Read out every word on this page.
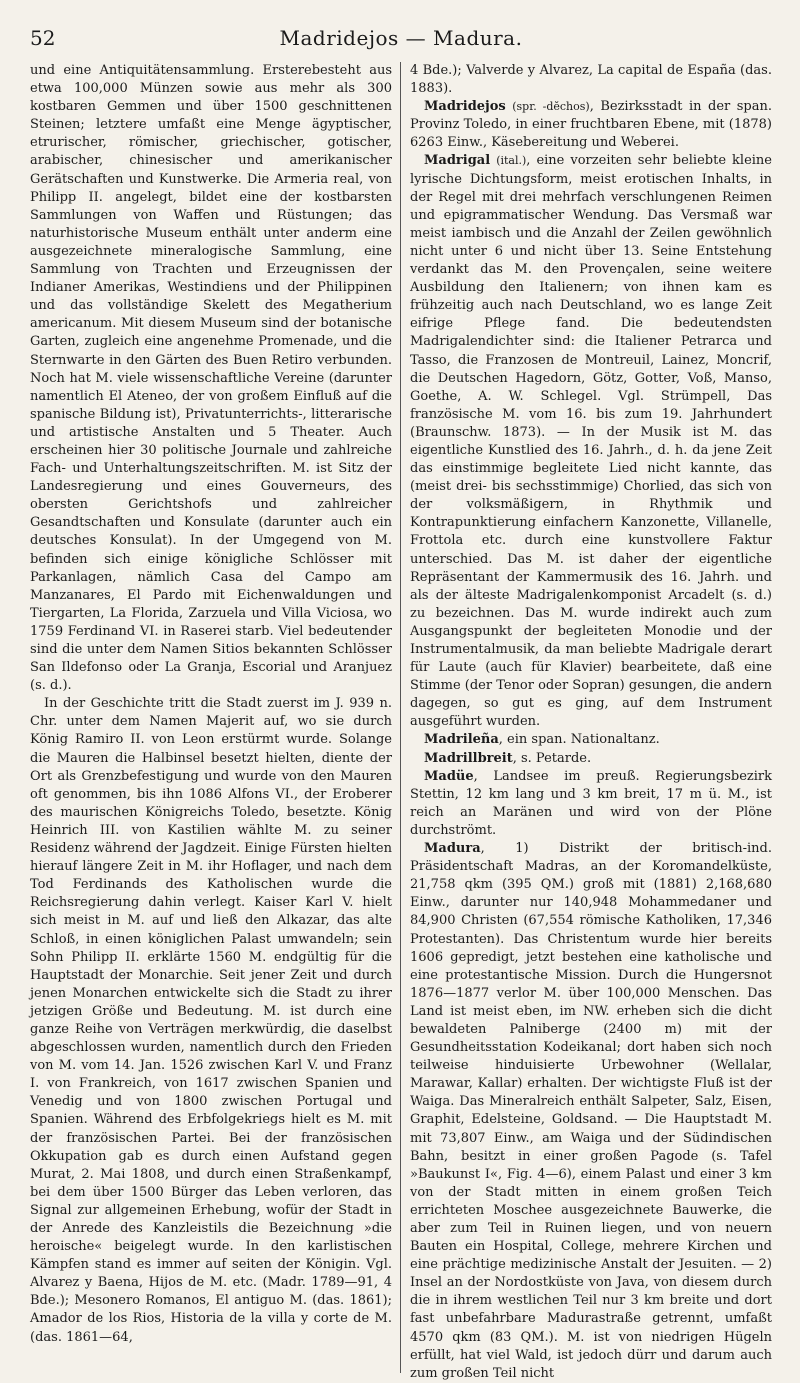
52	Madridejos — Madura.

und eine Antiquitätensammlung. Ersterebesteht aus etwa 100,000 Münzen sowie aus mehr als 300 kostbaren Gemmen und über 1500 geschnittenen Steinen; letztere umfaßt eine Menge ägyptischer, etrurischer, römischer, griechischer, gotischer, arabischer, chinesischer und amerikanischer Gerätschaften und Kunstwerke. Die Armeria real, von Philipp II. angelegt, bildet eine der kostbarsten Sammlungen von Waffen und Rüstungen; das naturhistorische Museum enthält unter anderm eine ausgezeichnete mineralogische Sammlung, eine Sammlung von Trachten und Erzeugnissen der Indianer Amerikas, Westindiens und der Philippinen und das vollständige Skelett des Megatherium americanum. Mit diesem Museum sind der botanische Garten, zugleich eine angenehme Promenade, und die Sternwarte in den Gärten des Buen Retiro verbunden. Noch hat M. viele wissenschaftliche Vereine (darunter namentlich El Ateneo, der von großem Einfluß auf die spanische Bildung ist), Privatunterrichts-, litterarische und artistische Anstalten und 5 Theater. Auch erscheinen hier 30 politische Journale und zahlreiche Fach- und Unterhaltungszeitschriften. M. ist Sitz der Landesregierung und eines Gouverneurs, des obersten Gerichtshofs und zahlreicher Gesandtschaften und Konsulate (darunter auch ein deutsches Konsulat). In der Umgegend von M. befinden sich einige königliche Schlösser mit Parkanlagen, nämlich Casa del Campo am Manzanares, El Pardo mit Eichenwaldungen und Tiergarten, La Florida, Zarzuela und Villa Viciosa, wo 1759 Ferdinand VI. in Raserei starb. Viel bedeutender sind die unter dem Namen Sitios bekannten Schlösser San Ildefonso oder La Granja, Escorial und Aranjuez (s. d.).

In der Geschichte tritt die Stadt zuerst im J. 939 n. Chr. unter dem Namen Majerit auf, wo sie durch König Ramiro II. von Leon erstürmt wurde. Solange die Mauren die Halbinsel besetzt hielten, diente der Ort als Grenzbefestigung und wurde von den Mauren oft genommen, bis ihn 1086 Alfons VI., der Eroberer des maurischen Königreichs Toledo, besetzte. König Heinrich III. von Kastilien wählte M. zu seiner Residenz während der Jagdzeit. Einige Fürsten hielten hierauf längere Zeit in M. ihr Hoflager, und nach dem Tod Ferdinands des Katholischen wurde die Reichsregierung dahin verlegt. Kaiser Karl V. hielt sich meist in M. auf und ließ den Alkazar, das alte Schloß, in einen königlichen Palast umwandeln; sein Sohn Philipp II. erklärte 1560 M. endgültig für die Hauptstadt der Monarchie. Seit jener Zeit und durch jenen Monarchen entwickelte sich die Stadt zu ihrer jetzigen Größe und Bedeutung. M. ist durch eine ganze Reihe von Verträgen merkwürdig, die daselbst abgeschlossen wurden, namentlich durch den Frieden von M. vom 14. Jan. 1526 zwischen Karl V. und Franz I. von Frankreich, von 1617 zwischen Spanien und Venedig und von 1800 zwischen Portugal und Spanien. Während des Erbfolgekriegs hielt es M. mit der französischen Partei. Bei der französischen Okkupation gab es durch einen Aufstand gegen Murat, 2. Mai 1808, und durch einen Straßenkampf, bei dem über 1500 Bürger das Leben verloren, das Signal zur allgemeinen Erhebung, wofür der Stadt in der Anrede des Kanzleistils die Bezeichnung »die heroische« beigelegt wurde. In den karlistischen Kämpfen stand es immer auf seiten der Königin. Vgl. Alvarez y Baena, Hijos de M. etc. (Madr. 1789—91, 4 Bde.); Mesonero Romanos, El antiguo M. (das. 1861); Amador de los Rios, Historia de la villa y corte de M. (das. 1861—64,

4 Bde.); Valverde y Alvarez, La capital de España (das. 1883).

Madridejos (spr. -dĕchos), Bezirksstadt in der span. Provinz Toledo, in einer fruchtbaren Ebene, mit (1878) 6263 Einw., Käsebereitung und Weberei.

Madrigal (ital.), eine vorzeiten sehr beliebte kleine lyrische Dichtungsform, meist erotischen Inhalts, in der Regel mit drei mehrfach verschlungenen Reimen und epigrammatischer Wendung. Das Versmaß war meist iambisch und die Anzahl der Zeilen gewöhnlich nicht unter 6 und nicht über 13. Seine Entstehung verdankt das M. den Provençalen, seine weitere Ausbildung den Italienern; von ihnen kam es frühzeitig auch nach Deutschland, wo es lange Zeit eifrige Pflege fand. Die bedeutendsten Madrigalendichter sind: die Italiener Petrarca und Tasso, die Franzosen de Montreuil, Lainez, Moncrif, die Deutschen Hagedorn, Götz, Gotter, Voß, Manso, Goethe, A. W. Schlegel. Vgl. Strümpell, Das französische M. vom 16. bis zum 19. Jahrhundert (Braunschw. 1873). — In der Musik ist M. das eigentliche Kunstlied des 16. Jahrh., d. h. da jene Zeit das einstimmige begleitete Lied nicht kannte, das (meist drei- bis sechsstimmige) Chorlied, das sich von der volksmäßigern, in Rhythmik und Kontrapunktierung einfachern Kanzonette, Villanelle, Frottola etc. durch eine kunstvollere Faktur unterschied. Das M. ist daher der eigentliche Repräsentant der Kammermusik des 16. Jahrh. und als der älteste Madrigalenkomponist Arcadelt (s. d.) zu bezeichnen. Das M. wurde indirekt auch zum Ausgangspunkt der begleiteten Monodie und der Instrumentalmusik, da man beliebte Madrigale derart für Laute (auch für Klavier) bearbeitete, daß eine Stimme (der Tenor oder Sopran) gesungen, die andern dagegen, so gut es ging, auf dem Instrument ausgeführt wurden.

Madrileña, ein span. Nationaltanz.

Madrillbreit, s. Petarde.

Madüe, Landsee im preuß. Regierungsbezirk Stettin, 12 km lang und 3 km breit, 17 m ü. M., ist reich an Maränen und wird von der Plöne durchströmt.

Madura, 1) Distrikt der britisch-ind. Präsidentschaft Madras, an der Koromandelküste, 21,758 qkm (395 QM.) groß mit (1881) 2,168,680 Einw., darunter nur 140,948 Mohammedaner und 84,900 Christen (67,554 römische Katholiken, 17,346 Protestanten). Das Christentum wurde hier bereits 1606 gepredigt, jetzt bestehen eine katholische und eine protestantische Mission. Durch die Hungersnot 1876—1877 verlor M. über 100,000 Menschen. Das Land ist meist eben, im NW. erheben sich die dicht bewaldeten Palniberge (2400 m) mit der Gesundheitsstation Kodeikanal; dort haben sich noch teilweise hinduisierte Urbewohner (Wellalar, Marawar, Kallar) erhalten. Der wichtigste Fluß ist der Waiga. Das Mineralreich enthält Salpeter, Salz, Eisen, Graphit, Edelsteine, Goldsand. — Die Hauptstadt M. mit 73,807 Einw., am Waiga und der Südindischen Bahn, besitzt in einer großen Pagode (s. Tafel »Baukunst I«, Fig. 4—6), einem Palast und einer 3 km von der Stadt mitten in einem großen Teich errichteten Moschee ausgezeichnete Bauwerke, die aber zum Teil in Ruinen liegen, und von neuern Bauten ein Hospital, College, mehrere Kirchen und eine prächtige medizinische Anstalt der Jesuiten. — 2) Insel an der Nordostküste von Java, von diesem durch die in ihrem westlichen Teil nur 3 km breite und dort fast unbefahrbare Madurastraße getrennt, umfaßt 4570 qkm (83 QM.). M. ist von niedrigen Hügeln erfüllt, hat viel Wald, ist jedoch dürr und darum auch zum großen Teil nicht
